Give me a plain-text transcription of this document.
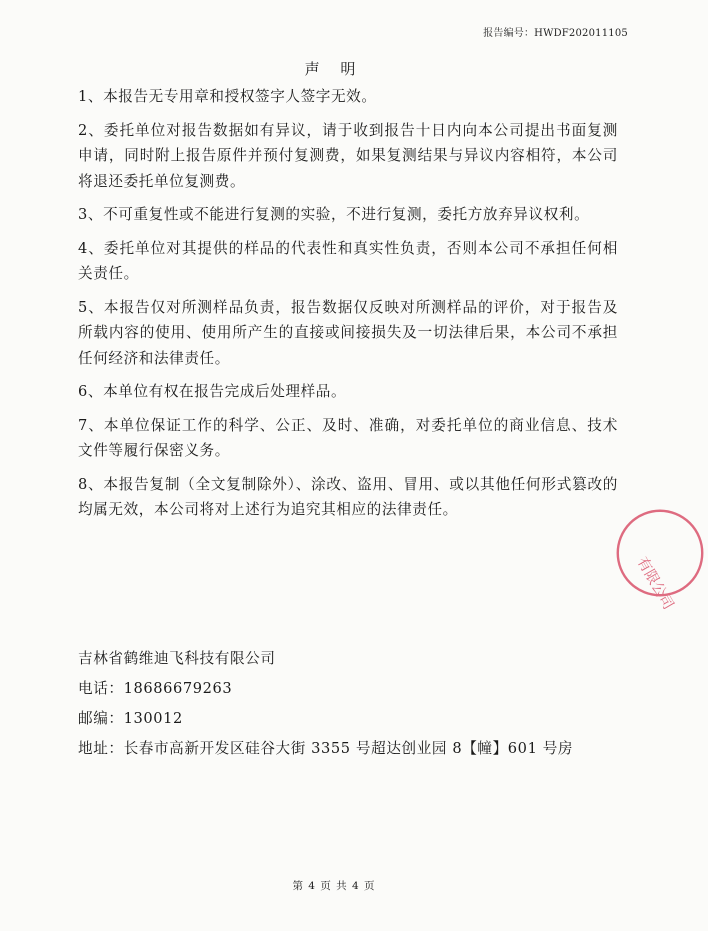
报告编号：HWDF202011105
声 明
1、本报告无专用章和授权签字人签字无效。
2、委托单位对报告数据如有异议，请于收到报告十日内向本公司提出书面复测申请，同时附上报告原件并预付复测费，如果复测结果与异议内容相符，本公司将退还委托单位复测费。
3、不可重复性或不能进行复测的实验，不进行复测，委托方放弃异议权利。
4、委托单位对其提供的样品的代表性和真实性负责，否则本公司不承担任何相关责任。
5、本报告仅对所测样品负责，报告数据仅反映对所测样品的评价，对于报告及所载内容的使用、使用所产生的直接或间接损失及一切法律后果，本公司不承担任何经济和法律责任。
6、本单位有权在报告完成后处理样品。
7、本单位保证工作的科学、公正、及时、准确，对委托单位的商业信息、技术文件等履行保密义务。
8、本报告复制（全文复制除外）、涂改、盗用、冒用、或以其他任何形式篡改的均属无效，本公司将对上述行为追究其相应的法律责任。
有限公司
吉林省鹤维迪飞科技有限公司
电话：18686679263
邮编：130012
地址：长春市高新开发区硅谷大街 3355 号超达创业园 8【幢】601 号房
第 4 页 共 4 页
